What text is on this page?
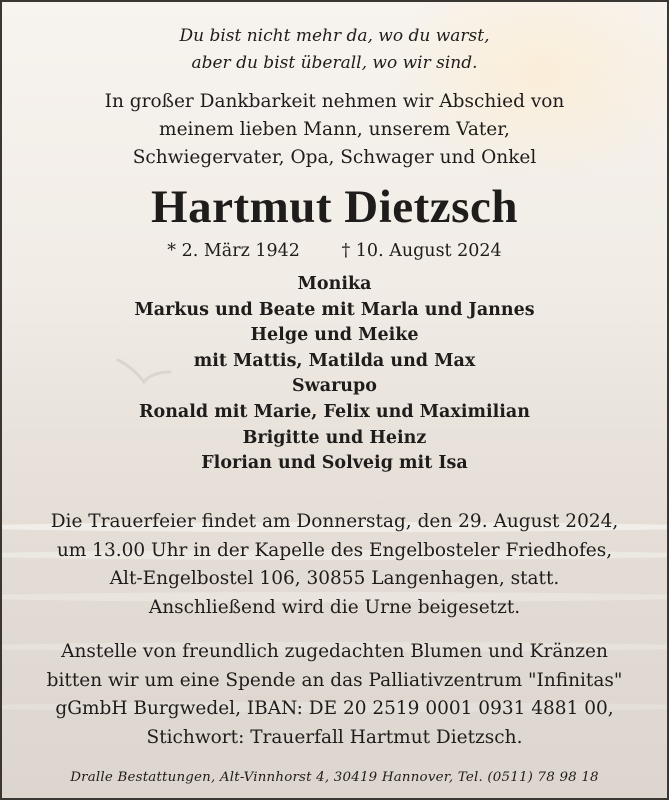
Du bist nicht mehr da, wo du warst,
aber du bist überall, wo wir sind.
In großer Dankbarkeit nehmen wir Abschied von
meinem lieben Mann, unserem Vater,
Schwiegervater, Opa, Schwager und Onkel
Hartmut Dietzsch
* 2. März 1942 † 10. August 2024
Monika
Markus und Beate mit Marla und Jannes
Helge und Meike
mit Mattis, Matilda und Max
Swarupo
Ronald mit Marie, Felix und Maximilian
Brigitte und Heinz
Florian und Solveig mit Isa
Die Trauerfeier findet am Donnerstag, den 29. August 2024,
um 13.00 Uhr in der Kapelle des Engelbosteler Friedhofes,
Alt-Engelbostel 106, 30855 Langenhagen, statt.
Anschließend wird die Urne beigesetzt.
Anstelle von freundlich zugedachten Blumen und Kränzen
bitten wir um eine Spende an das Palliativzentrum "Infinitas"
gGmbH Burgwedel, IBAN: DE 20 2519 0001 0931 4881 00,
Stichwort: Trauerfall Hartmut Dietzsch.
Dralle Bestattungen, Alt-Vinnhorst 4, 30419 Hannover, Tel. (0511) 78 98 18
